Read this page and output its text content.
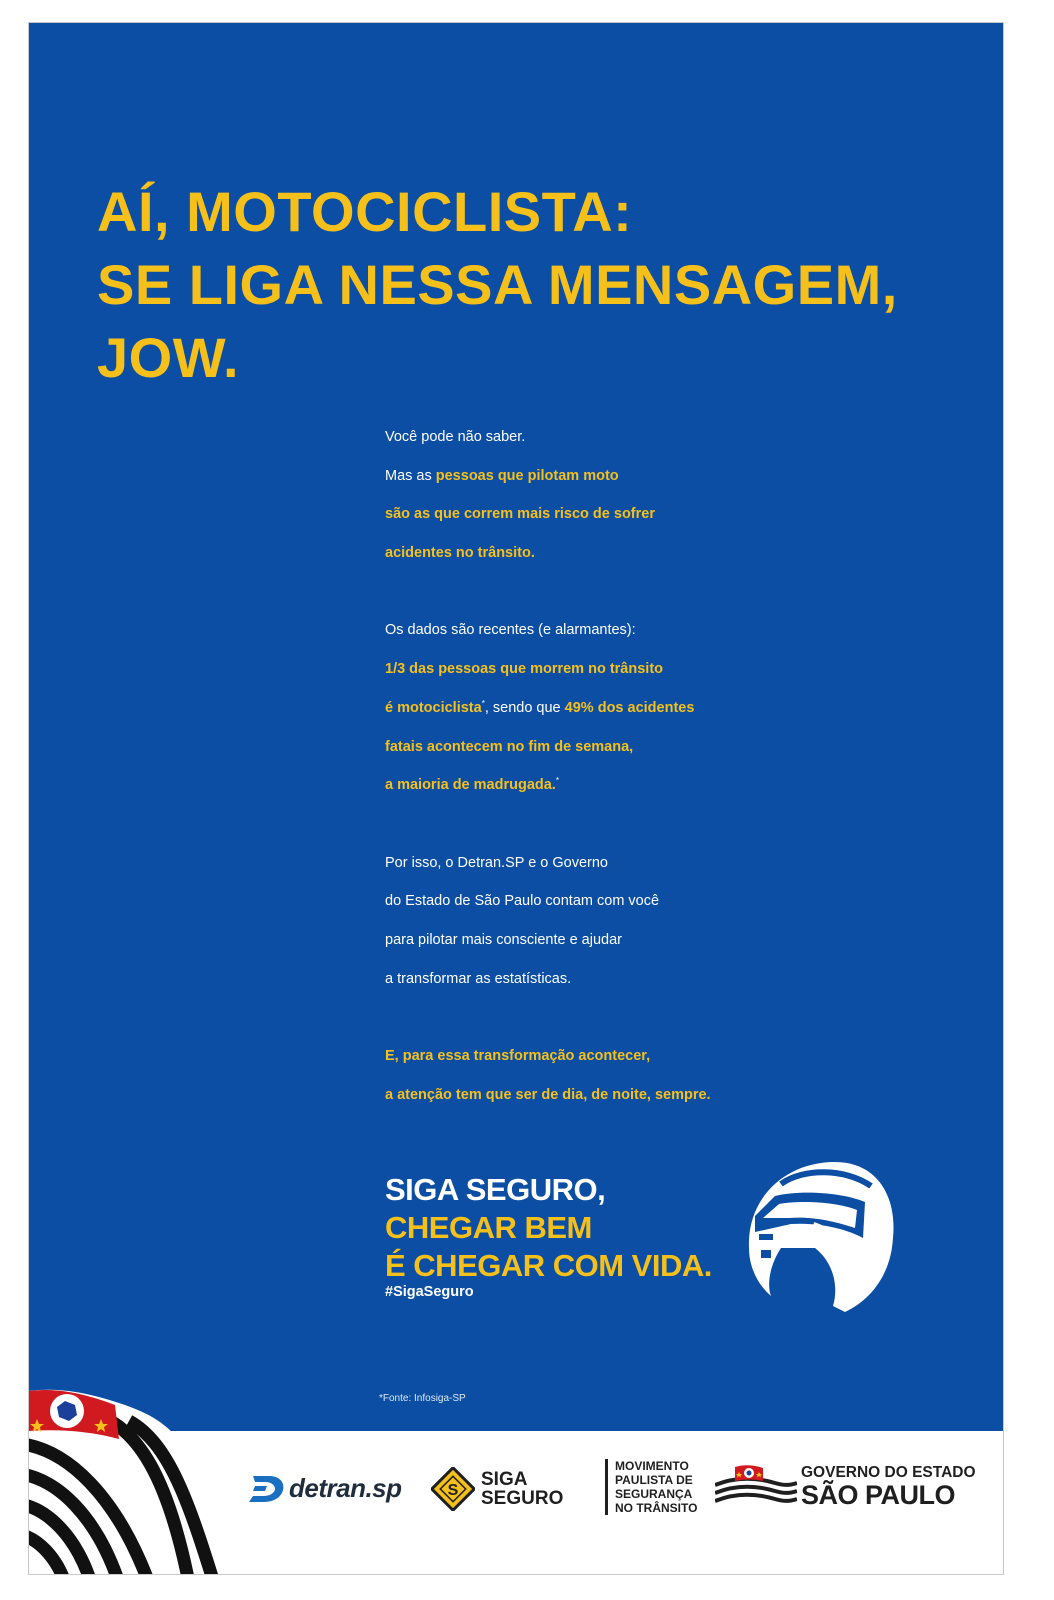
AÍ, MOTOCICLISTA:
SE LIGA NESSA MENSAGEM,
JOW.
Você pode não saber.
Mas as pessoas que pilotam moto
são as que correm mais risco de sofrer
acidentes no trânsito.
Os dados são recentes (e alarmantes):
1/3 das pessoas que morrem no trânsito
é motociclista*, sendo que 49% dos acidentes
fatais acontecem no fim de semana,
a maioria de madrugada.*
Por isso, o Detran.SP e o Governo
do Estado de São Paulo contam com você
para pilotar mais consciente e ajudar
a transformar as estatísticas.
E, para essa transformação acontecer,
a atenção tem que ser de dia, de noite, sempre.
SIGA SEGURO,
CHEGAR BEM
É CHEGAR COM VIDA.
#SigaSeguro
*Fonte: Infosiga-SP
detran.sp	S
SIGA
SEGURO
MOVIMENTO
PAULISTA DE
SEGURANÇA
NO TRÂNSITO
GOVERNO DO ESTADO
SÃO PAULO
